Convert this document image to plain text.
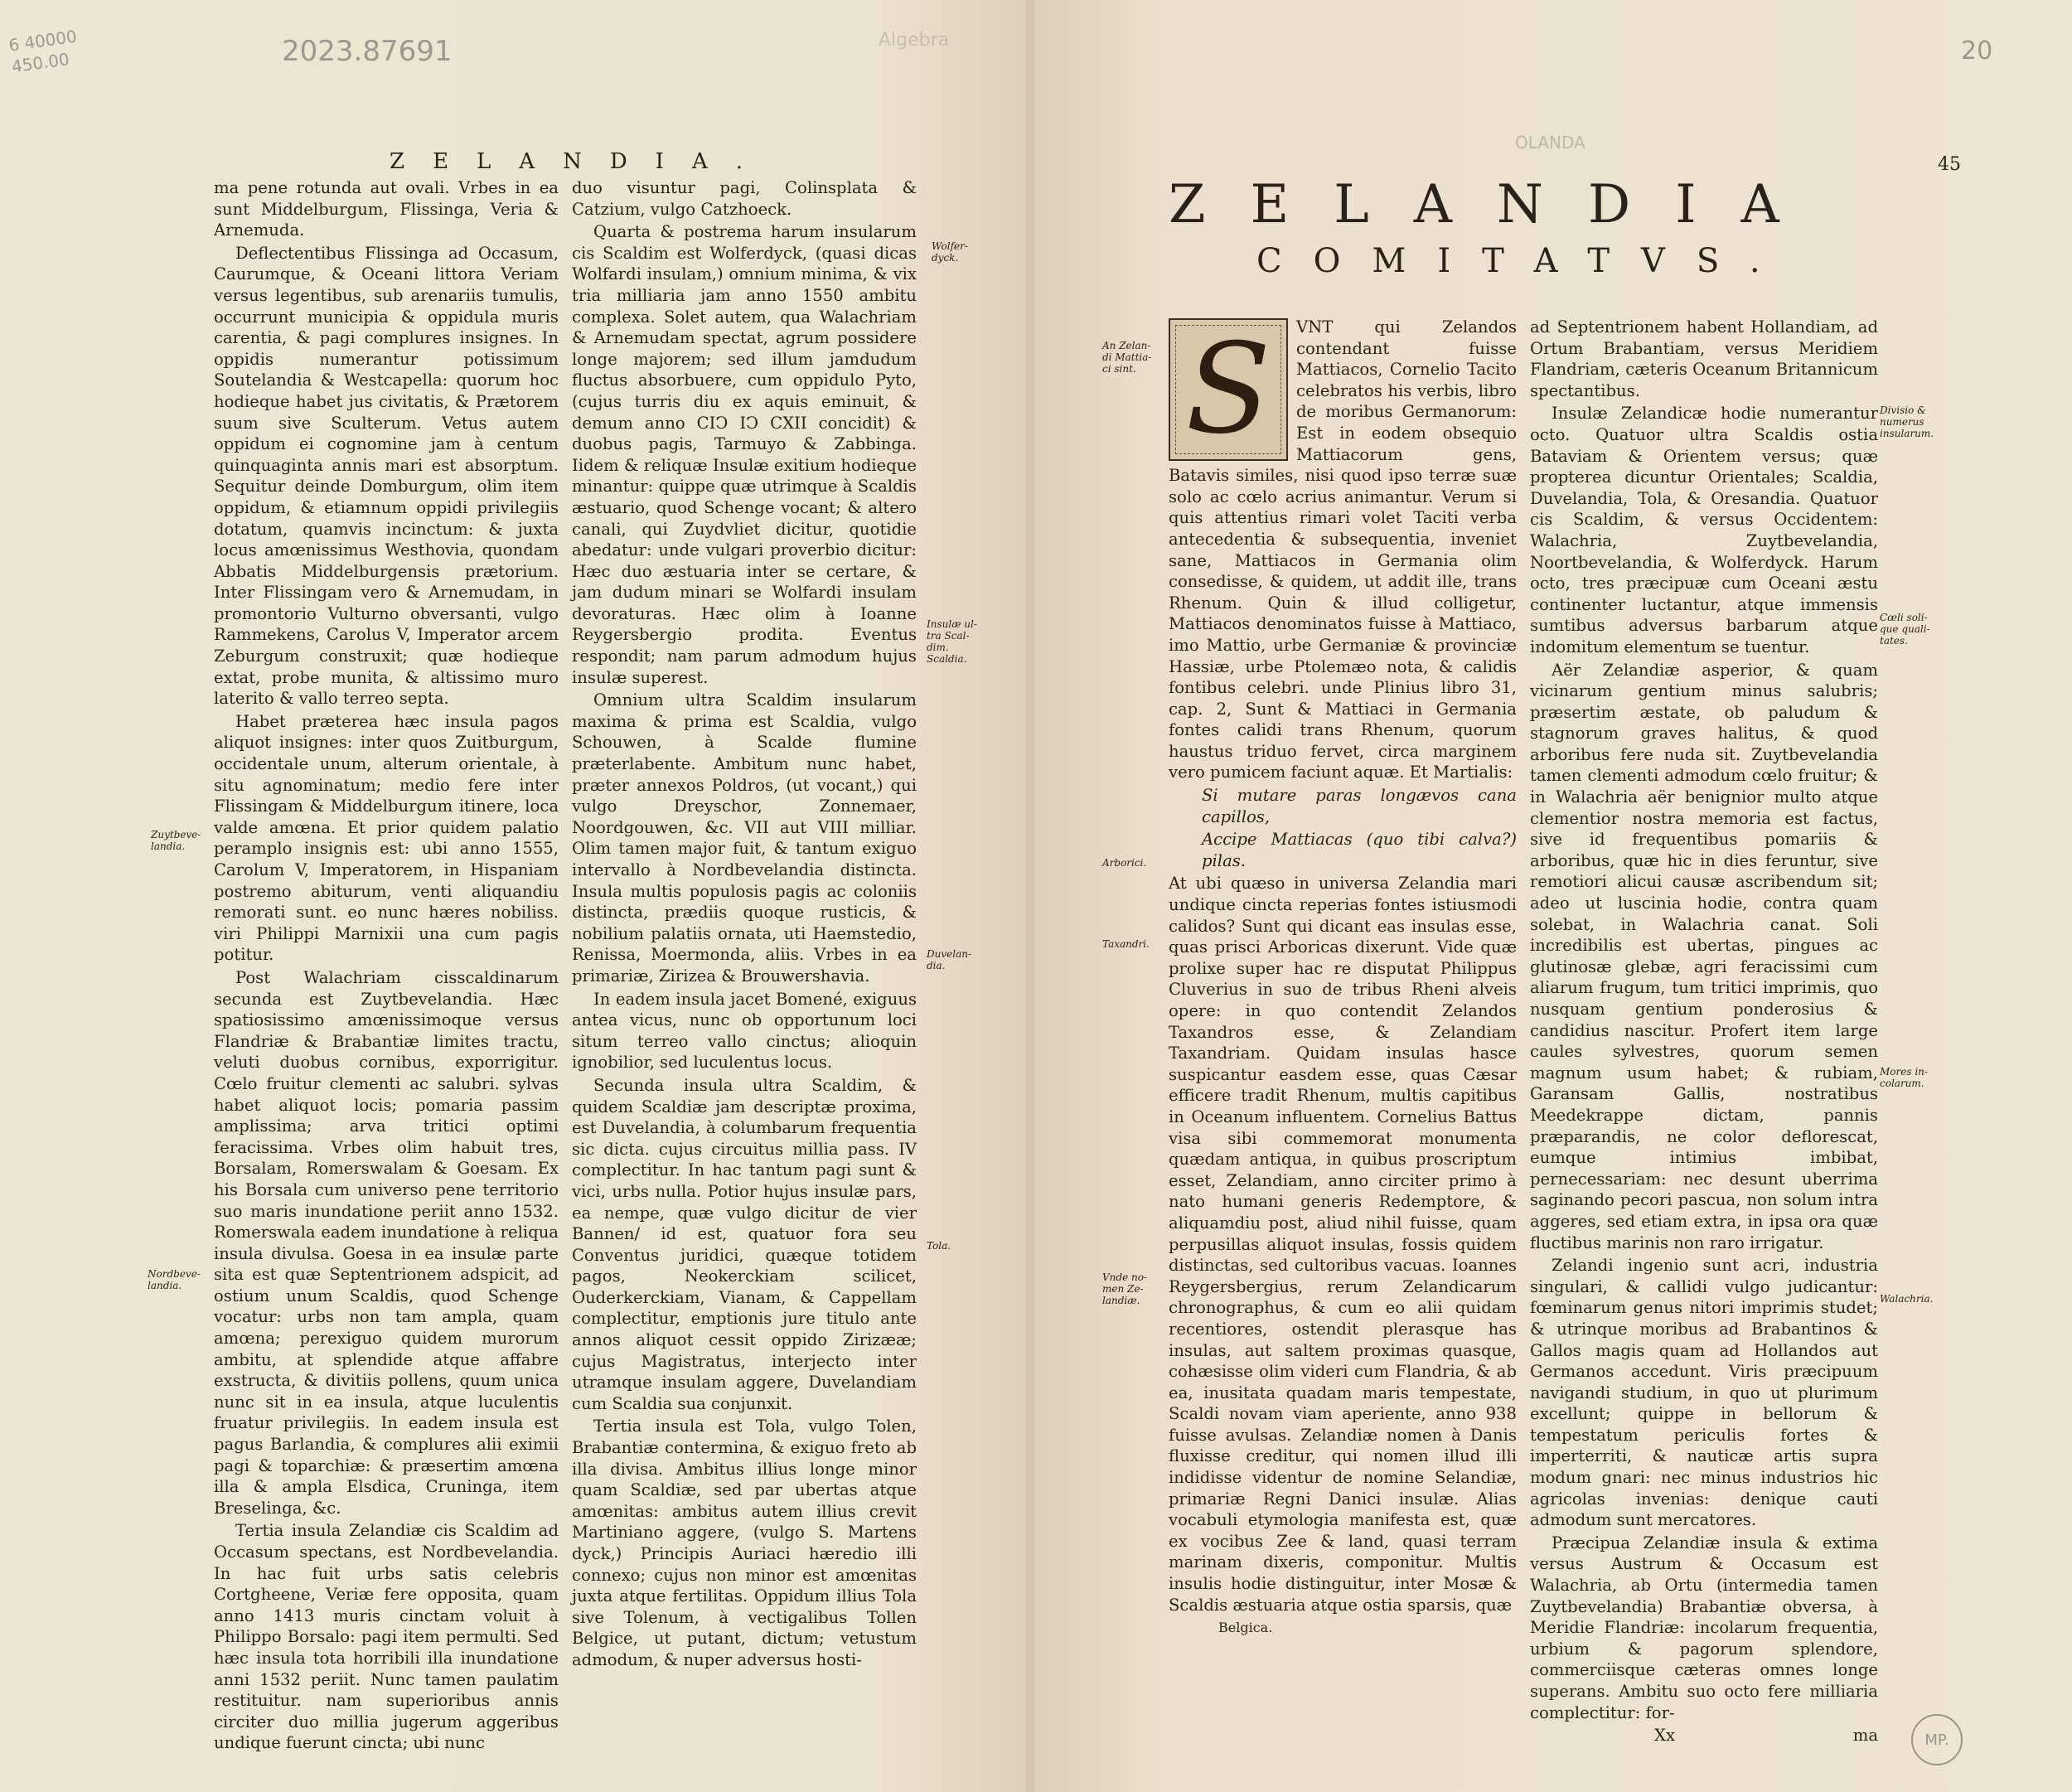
6 40000
450.00	2023.87691	Algebra
ZELANDIA.

ma pene rotunda aut ovali. Vrbes in ea sunt Middelburgum, Flissinga, Veria & Arnemuda.

Deflectentibus Flissinga ad Occasum, Caurumque, & Oceani littora Veriam versus legentibus, sub arenariis tumulis, occurrunt municipia & oppidula muris carentia, & pagi complures insignes. In oppidis numerantur potissimum Soutelandia & Westcapella: quorum hoc hodieque habet jus civitatis, & Prætorem suum sive Sculterum. Vetus autem oppidum ei cognomine jam à centum quinquaginta annis mari est absorptum. Sequitur deinde Domburgum, olim item oppidum, & etiamnum oppidi privilegiis dotatum, quamvis incinctum: & juxta locus amœnissimus Westhovia, quondam Abbatis Middelburgensis prætorium. Inter Flissingam vero & Arnemudam, in promontorio Vulturno obversanti, vulgo Rammekens, Carolus V, Imperator arcem Zeburgum construxit; quæ hodieque extat, probe munita, & altissimo muro laterito & vallo terreo septa.

Habet præterea hæc insula pagos aliquot insignes: inter quos Zuitburgum, occidentale unum, alterum orientale, à situ agnominatum; medio fere inter Flissingam & Middelburgum itinere, loca valde amœna. Et prior quidem palatio peramplo insignis est: ubi anno 1555, Carolum V, Imperatorem, in Hispaniam postremo abiturum, venti aliquandiu remorati sunt. eo nunc hæres nobiliss. viri Philippi Marnixii una cum pagis potitur.

Post Walachriam cisscaldinarum secunda est Zuytbevelandia. Hæc spatiosissimo amœnissimoque versus Flandriæ & Brabantiæ limites tractu, veluti duobus cornibus, exporrigitur. Cœlo fruitur clementi ac salubri. sylvas habet aliquot locis; pomaria passim amplissima; arva tritici optimi feracissima. Vrbes olim habuit tres, Borsalam, Romerswalam & Goesam. Ex his Borsala cum universo pene territorio suo maris inundatione periit anno 1532. Romerswala eadem inundatione à reliqua insula divulsa. Goesa in ea insulæ parte sita est quæ Septentrionem adspicit, ad ostium unum Scaldis, quod Schenge vocatur: urbs non tam ampla, quam amœna; perexiguo quidem murorum ambitu, at splendide atque affabre exstructa, & divitiis pollens, quum unica nunc sit in ea insula, atque luculentis fruatur privilegiis. In eadem insula est pagus Barlandia, & complures alii eximii pagi & toparchiæ: & præsertim amœna illa & ampla Elsdica, Cruninga, item Breselinga, &c.

Tertia insula Zelandiæ cis Scaldim ad Occasum spectans, est Nordbevelandia. In hac fuit urbs satis celebris Cortgheene, Veriæ fere opposita, quam anno 1413 muris cinctam voluit à Philippo Borsalo: pagi item permulti. Sed hæc insula tota horribili illa inundatione anni 1532 periit. Nunc tamen paulatim restituitur. nam superioribus annis circiter duo millia jugerum aggeribus undique fuerunt cincta; ubi nunc

duo visuntur pagi, Colinsplata & Catzium, vulgo Catzhoeck.

Quarta & postrema harum insularum cis Scaldim est Wolferdyck, (quasi dicas Wolfardi insulam,) omnium minima, & vix tria milliaria jam anno 1550 ambitu complexa. Solet autem, qua Walachriam & Arnemudam spectat, agrum possidere longe majorem; sed illum jamdudum fluctus absorbuere, cum oppidulo Pyto, (cujus turris diu ex aquis eminuit, & demum anno CIↃ IↃ CXII concidit) & duobus pagis, Tarmuyo & Zabbinga. Iidem & reliquæ Insulæ exitium hodieque minantur: quippe quæ utrimque à Scaldis æstuario, quod Schenge vocant; & altero canali, qui Zuydvliet dicitur, quotidie abedatur: unde vulgari proverbio dicitur: Hæc duo æstuaria inter se certare, & jam dudum minari se Wolfardi insulam devoraturas. Hæc olim à Ioanne Reygersbergio prodita. Eventus respondit; nam parum admodum hujus insulæ superest.

Omnium ultra Scaldim insularum maxima & prima est Scaldia, vulgo Schouwen, à Scalde flumine præterlabente. Ambitum nunc habet, præter annexos Poldros, (ut vocant,) qui vulgo Dreyschor, Zonnemaer, Noordgouwen, &c. VII aut VIII milliar. Olim tamen major fuit, & tantum exiguo intervallo à Nordbevelandia distincta. Insula multis populosis pagis ac coloniis distincta, prædiis quoque rusticis, & nobilium palatiis ornata, uti Haemstedio, Renissa, Moermonda, aliis. Vrbes in ea primariæ, Zirizea & Brouwershavia.

In eadem insula jacet Bomené, exiguus antea vicus, nunc ob opportunum loci situm terreo vallo cinctus; alioquin ignobilior, sed luculentus locus.

Secunda insula ultra Scaldim, & quidem Scaldiæ jam descriptæ proxima, est Duvelandia, à columbarum frequentia sic dicta. cujus circuitus millia pass. IV complectitur. In hac tantum pagi sunt & vici, urbs nulla. Potior hujus insulæ pars, ea nempe, quæ vulgo dicitur de vier Bannen/ id est, quatuor fora seu Conventus juridici, quæque totidem pagos, Neokerckiam scilicet, Ouderkerckiam, Vianam, & Cappellam complectitur, emptionis jure titulo ante annos aliquot cessit oppido Zirizææ; cujus Magistratus, interjecto inter utramque insulam aggere, Duvelandiam cum Scaldia sua conjunxit.

Tertia insula est Tola, vulgo Tolen, Brabantiæ contermina, & exiguo freto ab illa divisa. Ambitus illius longe minor quam Scaldiæ, sed par ubertas atque amœnitas: ambitus autem illius crevit Martiniano aggere, (vulgo S. Martens dyck,) Principis Auriaci hæredio illi connexo; cujus non minor est amœnitas juxta atque fertilitas. Oppidum illius Tola sive Tolenum, à vectigalibus Tollen Belgice, ut putant, dictum; vetustum admodum, & nuper adversus hosti-

Wolfer-
dyck.
Insulæ ul-
tra Scal-
dim.
Scaldia.
Duvelan-
dia.
Tola.
Zuytbeve-
landia.
Nordbeve-
landia.
OLANDA
20
45
ZELANDIA
COMITATVS.
S	VNT qui Zelandos contendant fuisse Mattiacos, Cornelio Tacito celebratos his verbis, libro de moribus Germanorum: Est in eodem obsequio Mattiacorum gens, Batavis similes, nisi quod ipso terræ suæ solo ac cœlo acrius animantur. Verum si quis attentius rimari volet Taciti verba antecedentia & subsequentia, inveniet sane, Mattiacos in Germania olim consedisse, & quidem, ut addit ille, trans Rhenum. Quin & illud colligetur, Mattiacos denominatos fuisse à Mattiaco, imo Mattio, urbe Germaniæ & provinciæ Hassiæ, urbe Ptolemæo nota, & calidis fontibus celebri. unde Plinius libro 31, cap. 2, Sunt & Mattiaci in Germania fontes calidi trans Rhenum, quorum haustus triduo fervet, circa marginem vero pumicem faciunt aquæ. Et Martialis:

Si mutare paras longævos cana capillos,

Accipe Mattiacas (quo tibi calva?) pilas.

At ubi quæso in universa Zelandia mari undique cincta reperias fontes istiusmodi calidos? Sunt qui dicant eas insulas esse, quas prisci Arboricas dixerunt. Vide quæ prolixe super hac re disputat Philippus Cluverius in suo de tribus Rheni alveis opere: in quo contendit Zelandos Taxandros esse, & Zelandiam Taxandriam. Quidam insulas hasce suspicantur easdem esse, quas Cæsar efficere tradit Rhenum, multis capitibus in Oceanum influentem. Cornelius Battus visa sibi commemorat monumenta quædam antiqua, in quibus proscriptum esset, Zelandiam, anno circiter primo à nato humani generis Redemptore, & aliquamdiu post, aliud nihil fuisse, quam perpusillas aliquot insulas, fossis quidem distinctas, sed cultoribus vacuas. Ioannes Reygersbergius, rerum Zelandicarum chronographus, & cum eo alii quidam recentiores, ostendit plerasque has insulas, aut saltem proximas quasque, cohæsisse olim videri cum Flandria, & ab ea, inusitata quadam maris tempestate, Scaldi novam viam aperiente, anno 938 fuisse avulsas. Zelandiæ nomen à Danis fluxisse creditur, qui nomen illud illi indidisse videntur de nomine Selandiæ, primariæ Regni Danici insulæ. Alias vocabuli etymologia manifesta est, quæ ex vocibus Zee & land, quasi terram marinam dixeris, componitur. Multis insulis hodie distinguitur, inter Mosæ & Scaldis æstuaria atque ostia sparsis, quæ

Belgica.

ad Septentrionem habent Hollandiam, ad Ortum Brabantiam, versus Meridiem Flandriam, cæteris Oceanum Britannicum spectantibus.

Insulæ Zelandicæ hodie numerantur octo. Quatuor ultra Scaldis ostia Bataviam & Orientem versus; quæ propterea dicuntur Orientales; Scaldia, Duvelandia, Tola, & Oresandia. Quatuor cis Scaldim, & versus Occidentem: Walachria, Zuytbevelandia, Noortbevelandia, & Wolferdyck. Harum octo, tres præcipuæ cum Oceani æstu continenter luctantur, atque immensis sumtibus adversus barbarum atque indomitum elementum se tuentur.

Aër Zelandiæ asperior, & quam vicinarum gentium minus salubris; præsertim æstate, ob paludum & stagnorum graves halitus, & quod arboribus fere nuda sit. Zuytbevelandia tamen clementi admodum cœlo fruitur; & in Walachria aër benignior multo atque clementior nostra memoria est factus, sive id frequentibus pomariis & arboribus, quæ hic in dies feruntur, sive remotiori alicui causæ ascribendum sit; adeo ut luscinia hodie, contra quam solebat, in Walachria canat. Soli incredibilis est ubertas, pingues ac glutinosæ glebæ, agri feracissimi cum aliarum frugum, tum tritici imprimis, quo nusquam gentium ponderosius & candidius nascitur. Profert item large caules sylvestres, quorum semen magnum usum habet; & rubiam, Garansam Gallis, nostratibus Meedekrappe dictam, pannis præparandis, ne color deflorescat, eumque intimius imbibat, pernecessariam: nec desunt uberrima saginando pecori pascua, non solum intra aggeres, sed etiam extra, in ipsa ora quæ fluctibus marinis non raro irrigatur.

Zelandi ingenio sunt acri, industria singulari, & callidi vulgo judicantur: fœminarum genus nitori imprimis studet; & utrinque moribus ad Brabantinos & Gallos magis quam ad Hollandos aut Germanos accedunt. Viris præcipuum navigandi studium, in quo ut plurimum excellunt; quippe in bellorum & tempestatum periculis fortes & imperterriti, & nauticæ artis supra modum gnari: nec minus industrios hic agricolas invenias: denique cauti admodum sunt mercatores.

Præcipua Zelandiæ insula & extima versus Austrum & Occasum est Walachria, ab Ortu (intermedia tamen Zuytbevelandia) Brabantiæ obversa, à Meridie Flandriæ: incolarum frequentia, urbium & pagorum splendore, commerciisque cæteras omnes longe superans. Ambitu suo octo fere milliaria complectitur: for-

Xx	ma
An Zelan-
di Mattia-
ci sint.
Arborici.
Taxandri.
Vnde no-
men Ze-
landiæ.
Divisio &
numerus
insularum.
Cœli soli-
que quali-
tates.
Mores in-
colarum.
Walachria.
MP.
